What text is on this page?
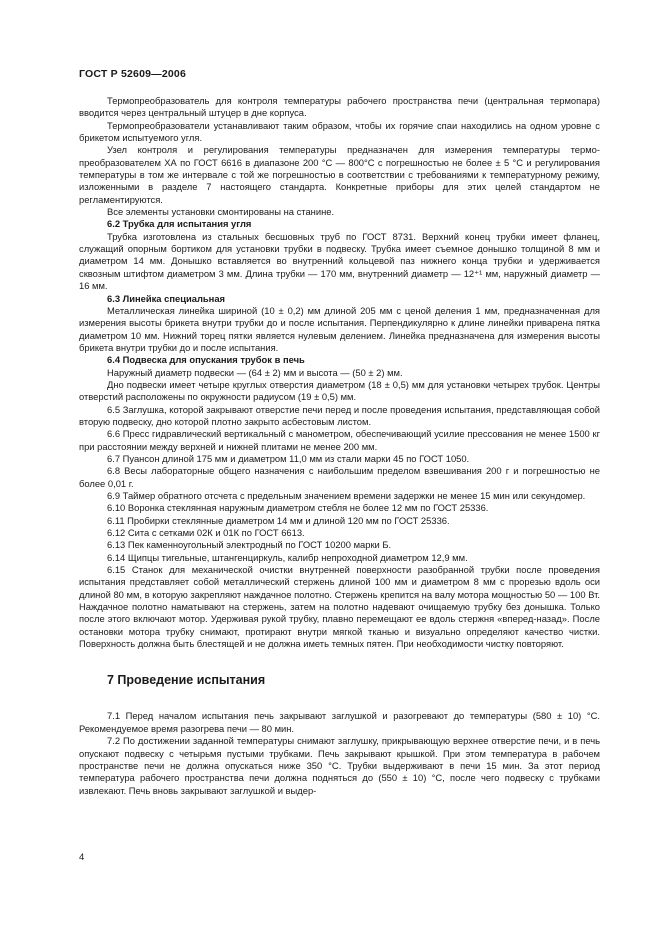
ГОСТ Р 52609—2006

Термопреобразователь для контроля температуры рабочего пространства печи (центральная термопара) вводится через центральный штуцер в дне корпуса.

Термопреобразователи устанавливают таким образом, чтобы их горячие спаи находились на одном уровне с брикетом испытуемого угля.

Узел контроля и регулирования температуры предназначен для измерения температуры термопреобразователем ХА по ГОСТ 6616 в диапазоне 200 °С — 800°С с погрешностью не более ± 5 °С и регулирования температуры в том же интервале с той же погрешностью в соответствии с требованиями к температурному режиму, изложенными в разделе 7 настоящего стандарта. Конкретные приборы для этих целей стандартом не регламентируются.

Все элементы установки смонтированы на станине.

6.2 Трубка для испытания угля

Трубка изготовлена из стальных бесшовных труб по ГОСТ 8731. Верхний конец трубки имеет фланец, служащий опорным бортиком для установки трубки в подвеску. Трубка имеет съемное донышко толщиной 8 мм и диаметром 14 мм. Донышко вставляется во внутренний кольцевой паз нижнего конца трубки и удерживается сквозным штифтом диаметром 3 мм. Длина трубки — 170 мм, внутренний диаметр — 12⁺¹ мм, наружный диаметр — 16 мм.

6.3 Линейка специальная

Металлическая линейка шириной (10 ± 0,2) мм длиной 205 мм с ценой деления 1 мм, предназначенная для измерения высоты брикета внутри трубки до и после испытания. Перпендикулярно к длине линейки приварена пятка диаметром 10 мм. Нижний торец пятки является нулевым делением. Линейка предназначена для измерения высоты брикета внутри трубки до и после испытания.

6.4 Подвеска для опускания трубок в печь

Наружный диаметр подвески — (64 ± 2) мм и высота — (50 ± 2) мм.

Дно подвески имеет четыре круглых отверстия диаметром (18 ± 0,5) мм для установки четырех трубок. Центры отверстий расположены по окружности радиусом (19 ± 0,5) мм.

6.5 Заглушка, которой закрывают отверстие печи перед и после проведения испытания, представляющая собой вторую подвеску, дно которой плотно закрыто асбестовым листом.

6.6 Пресс гидравлический вертикальный с манометром, обеспечивающий усилие прессования не менее 1500 кг при расстоянии между верхней и нижней плитами не менее 200 мм.

6.7 Пуансон длиной 175 мм и диаметром 11,0 мм из стали марки 45 по ГОСТ 1050.

6.8 Весы лабораторные общего назначения с наибольшим пределом взвешивания 200 г и погрешностью не более 0,01 г.

6.9 Таймер обратного отсчета с предельным значением времени задержки не менее 15 мин или секундомер.

6.10 Воронка стеклянная наружным диаметром стебля не более 12 мм по ГОСТ 25336.

6.11 Пробирки стеклянные диаметром 14 мм и длиной 120 мм по ГОСТ 25336.

6.12 Сита с сетками 02К и 01К по ГОСТ 6613.

6.13 Пек каменноугольный электродный по ГОСТ 10200 марки Б.

6.14 Щипцы тигельные, штангенциркуль, калибр непроходной диаметром 12,9 мм.

6.15 Станок для механической очистки внутренней поверхности разобранной трубки после проведения испытания представляет собой металлический стержень длиной 100 мм и диаметром 8 мм с прорезью вдоль оси длиной 80 мм, в которую закрепляют наждачное полотно. Стержень крепится на валу мотора мощностью 50 — 100 Вт. Наждачное полотно наматывают на стержень, затем на полотно надевают очищаемую трубку без донышка. Только после этого включают мотор. Удерживая рукой трубку, плавно перемещают ее вдоль стержня «вперед-назад». После остановки мотора трубку снимают, протирают внутри мягкой тканью и визуально определяют качество чистки. Поверхность должна быть блестящей и не должна иметь темных пятен. При необходимости чистку повторяют.

7 Проведение испытания

7.1 Перед началом испытания печь закрывают заглушкой и разогревают до температуры (580 ± 10) °С. Рекомендуемое время разогрева печи — 80 мин.

7.2 По достижении заданной температуры снимают заглушку, прикрывающую верхнее отверстие печи, и в печь опускают подвеску с четырьмя пустыми трубками. Печь закрывают крышкой. При этом температура в рабочем пространстве печи не должна опускаться ниже 350 °С. Трубки выдерживают в печи 15 мин. За этот период температура рабочего пространства печи должна подняться до (550 ± 10) °С, после чего подвеску с трубками извлекают. Печь вновь закрывают заглушкой и выдер-

4
